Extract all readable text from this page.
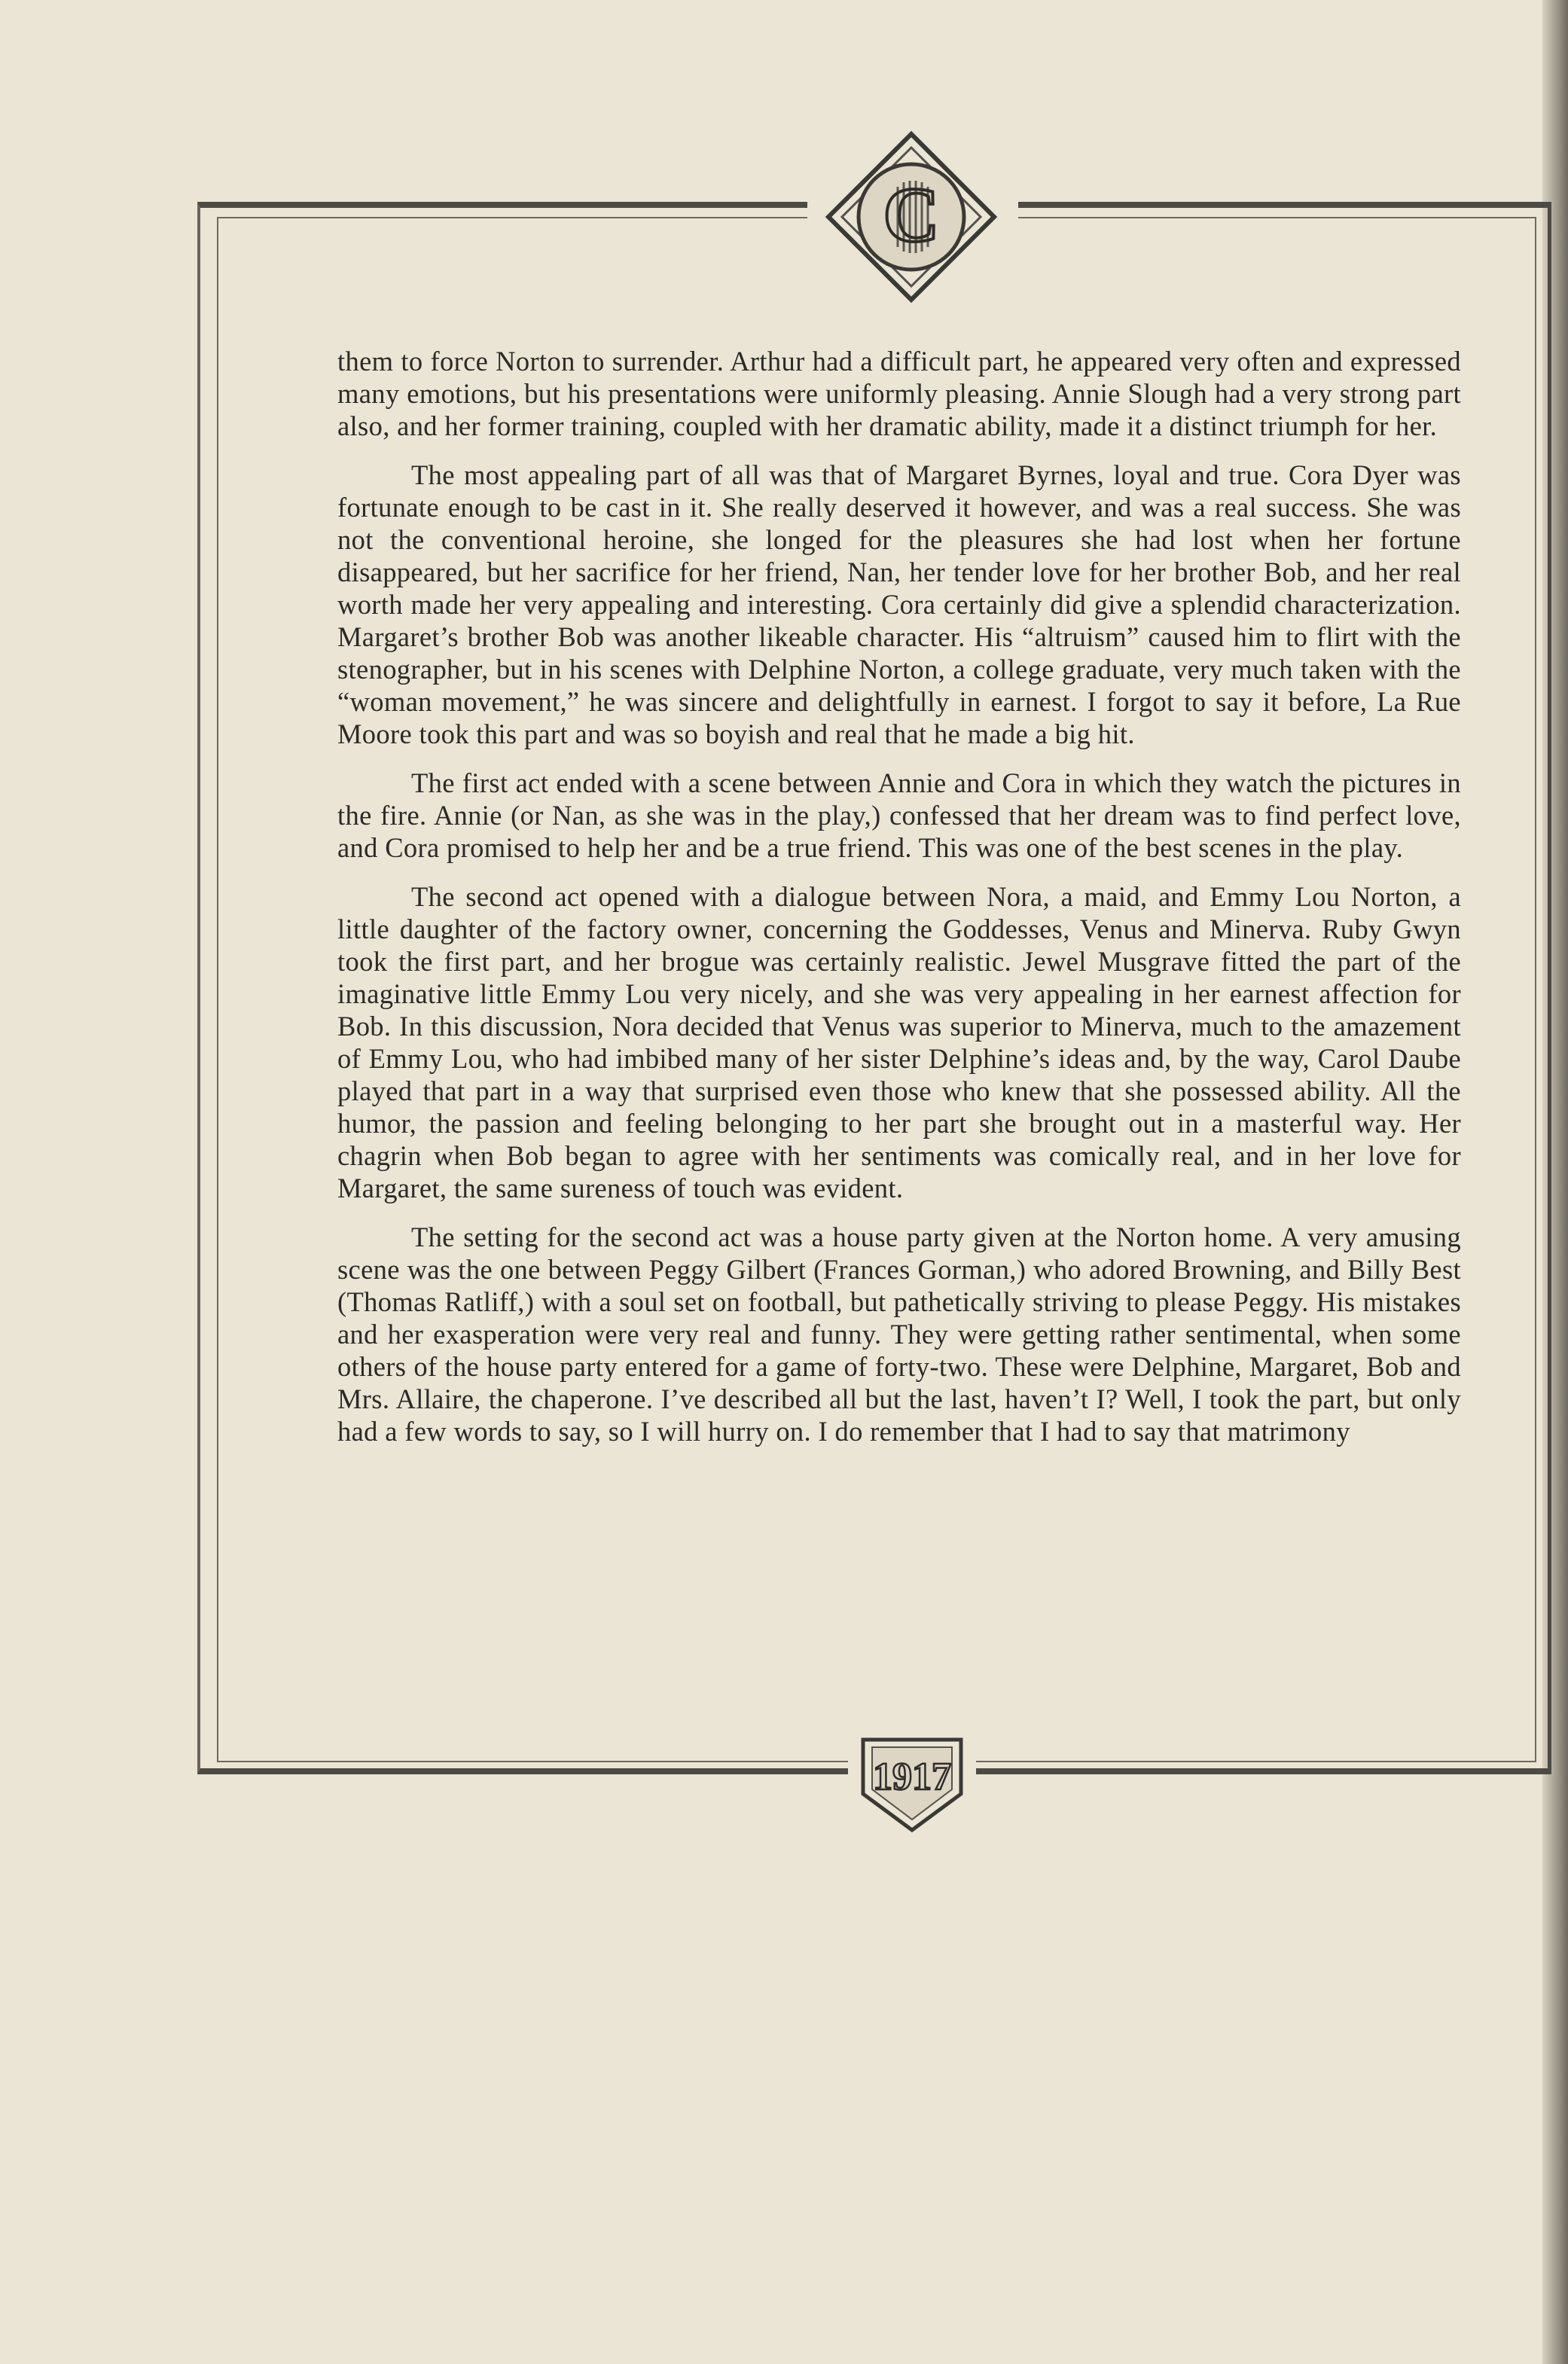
C
1917

them to force Norton to surrender. Arthur had a difficult part, he appeared very often and expressed many emotions, but his presentations were uniformly pleasing. Annie Slough had a very strong part also, and her former training, coupled with her dramatic ability, made it a distinct triumph for her.

The most appealing part of all was that of Margaret Byrnes, loyal and true. Cora Dyer was fortunate enough to be cast in it. She really deserved it however, and was a real success. She was not the conventional heroine, she longed for the pleasures she had lost when her fortune disappeared, but her sacrifice for her friend, Nan, her tender love for her brother Bob, and her real worth made her very appealing and interesting. Cora certainly did give a splendid characterization. Margaret’s brother Bob was another likeable character. His “altruism” caused him to flirt with the stenographer, but in his scenes with Delphine Norton, a college graduate, very much taken with the “woman movement,” he was sincere and delightfully in earnest. I forgot to say it before, La Rue Moore took this part and was so boyish and real that he made a big hit.

The first act ended with a scene between Annie and Cora in which they watch the pictures in the fire. Annie (or Nan, as she was in the play,) confessed that her dream was to find perfect love, and Cora promised to help her and be a true friend. This was one of the best scenes in the play.

The second act opened with a dialogue between Nora, a maid, and Emmy Lou Norton, a little daughter of the factory owner, concerning the Goddesses, Venus and Minerva. Ruby Gwyn took the first part, and her brogue was certainly realistic. Jewel Musgrave fitted the part of the imaginative little Emmy Lou very nicely, and she was very appealing in her earnest affection for Bob. In this discussion, Nora decided that Venus was superior to Minerva, much to the amazement of Emmy Lou, who had imbibed many of her sister Delphine’s ideas and, by the way, Carol Daube played that part in a way that surprised even those who knew that she possessed ability. All the humor, the passion and feeling belonging to her part she brought out in a masterful way. Her chagrin when Bob began to agree with her sentiments was comically real, and in her love for Margaret, the same sureness of touch was evident.

The setting for the second act was a house party given at the Norton home. A very amusing scene was the one between Peggy Gilbert (Frances Gorman,) who adored Browning, and Billy Best (Thomas Ratliff,) with a soul set on football, but pathetically striving to please Peggy. His mistakes and her exasperation were very real and funny. They were getting rather sentimental, when some others of the house party entered for a game of forty-two. These were Delphine, Margaret, Bob and Mrs. Allaire, the chaperone. I’ve described all but the last, haven’t I? Well, I took the part, but only had a few words to say, so I will hurry on. I do remember that I had to say that matrimony
